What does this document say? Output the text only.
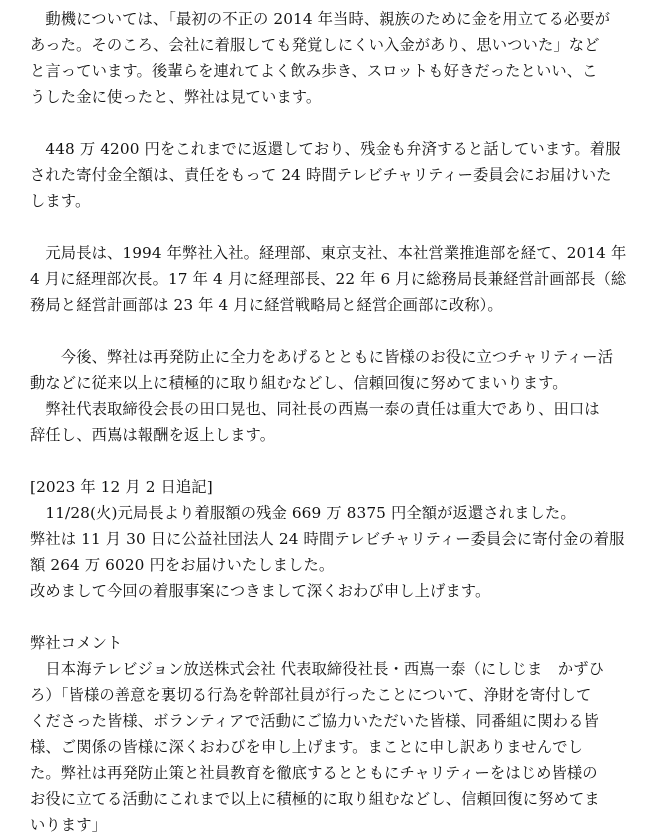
　動機については、「最初の不正の 2014 年当時、親族のために金を用立てる必要が
あった。そのころ、会社に着服しても発覚しにくい入金があり、思いついた」など
と言っています。後輩らを連れてよく飲み歩き、スロットも好きだったといい、こ
うした金に使ったと、弊社は見ています。
　448 万 4200 円をこれまでに返還しており、残金も弁済すると話しています。着服
された寄付金全額は、責任をもって 24 時間テレビチャリティー委員会にお届けいた
します。
　元局長は、1994 年弊社入社。経理部、東京支社、本社営業推進部を経て、2014 年
4 月に経理部次長。17 年 4 月に経理部長、22 年 6 月に総務局長兼経営計画部長（総
務局と経営計画部は 23 年 4 月に経営戦略局と経営企画部に改称）。
　　今後、弊社は再発防止に全力をあげるとともに皆様のお役に立つチャリティー活
動などに従来以上に積極的に取り組むなどし、信頼回復に努めてまいります。
　弊社代表取締役会長の田口晃也、同社長の西嶌一泰の責任は重大であり、田口は
辞任し、西嶌は報酬を返上します。
[2023 年 12 月 2 日追記]
　11/28(火)元局長より着服額の残金 669 万 8375 円全額が返還されました。
弊社は 11 月 30 日に公益社団法人 24 時間テレビチャリティー委員会に寄付金の着服
額 264 万 6020 円をお届けいたしました。
改めまして今回の着服事案につきまして深くおわび申し上げます。
弊社コメント
　日本海テレビジョン放送株式会社 代表取締役社長・西嶌一泰（にしじま　かずひ
ろ）「皆様の善意を裏切る行為を幹部社員が行ったことについて、浄財を寄付して
くださった皆様、ボランティアで活動にご協力いただいた皆様、同番組に関わる皆
様、ご関係の皆様に深くおわびを申し上げます。まことに申し訳ありませんでし
た。弊社は再発防止策と社員教育を徹底するとともにチャリティーをはじめ皆様の
お役に立てる活動にこれまで以上に積極的に取り組むなどし、信頼回復に努めてま
いります」
